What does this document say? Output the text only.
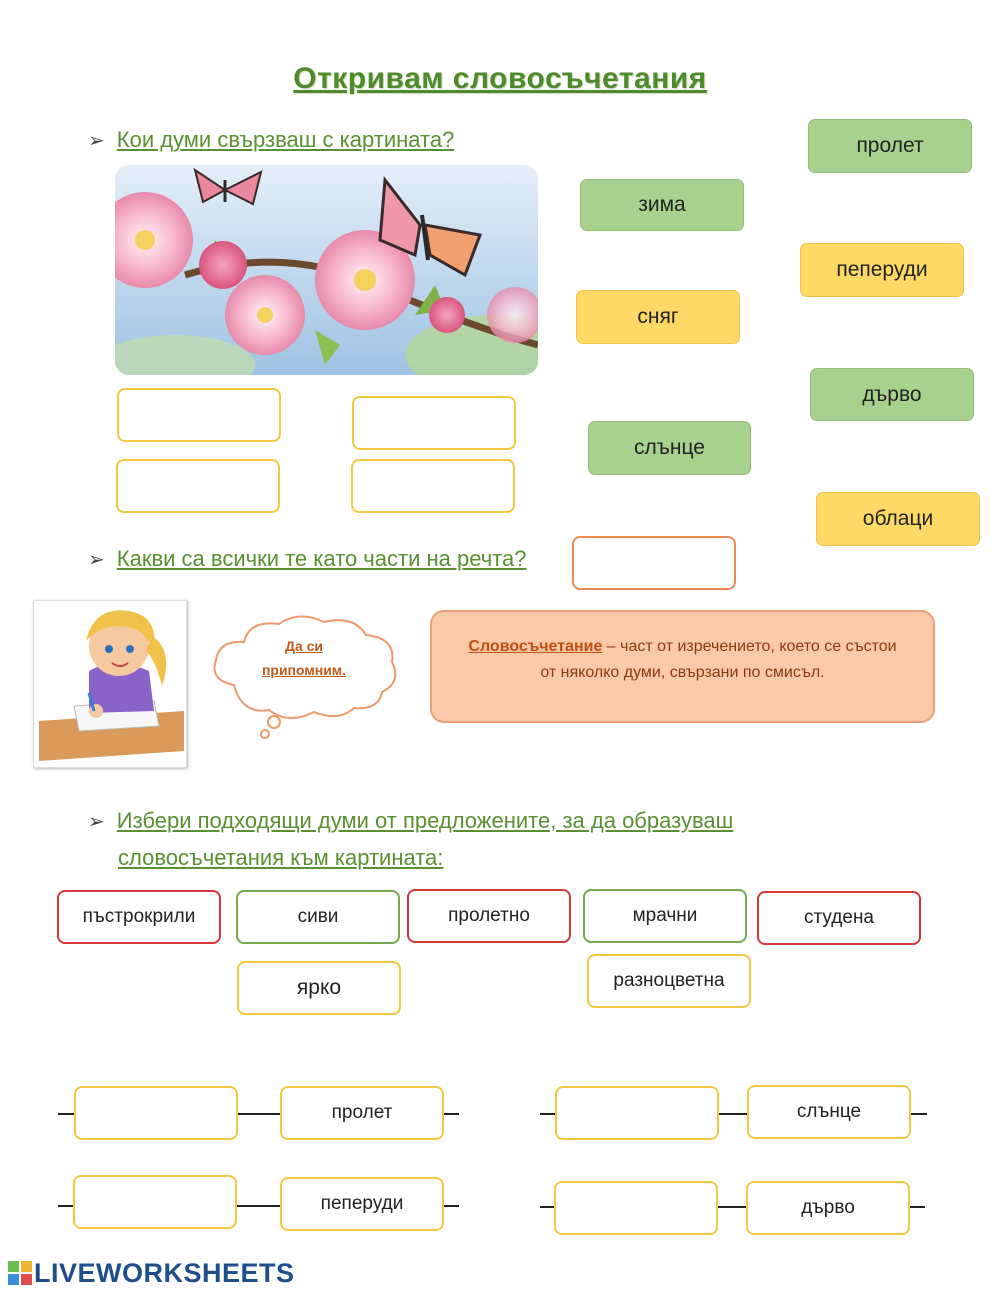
Откривам словосъчетания
➢ Кои думи свързваш с картината?	пролет
зима
пеперуди
сняг
дърво
слънце
облаци
➢ Какви са всички те като части на речта?
Да си
припомним.
Словосъчетание – част от изречението, което се състои
от няколко думи, свързани по смисъл.
➢ Избери подходящи думи от предложените, за да образуваш
словосъчетания към картината:
пъстрокрили	сиви	пролетно	мрачни	студена
ярко	разноцветна
пролет	слънце
пеперуди	дърво
LIVEWORKSHEETS
